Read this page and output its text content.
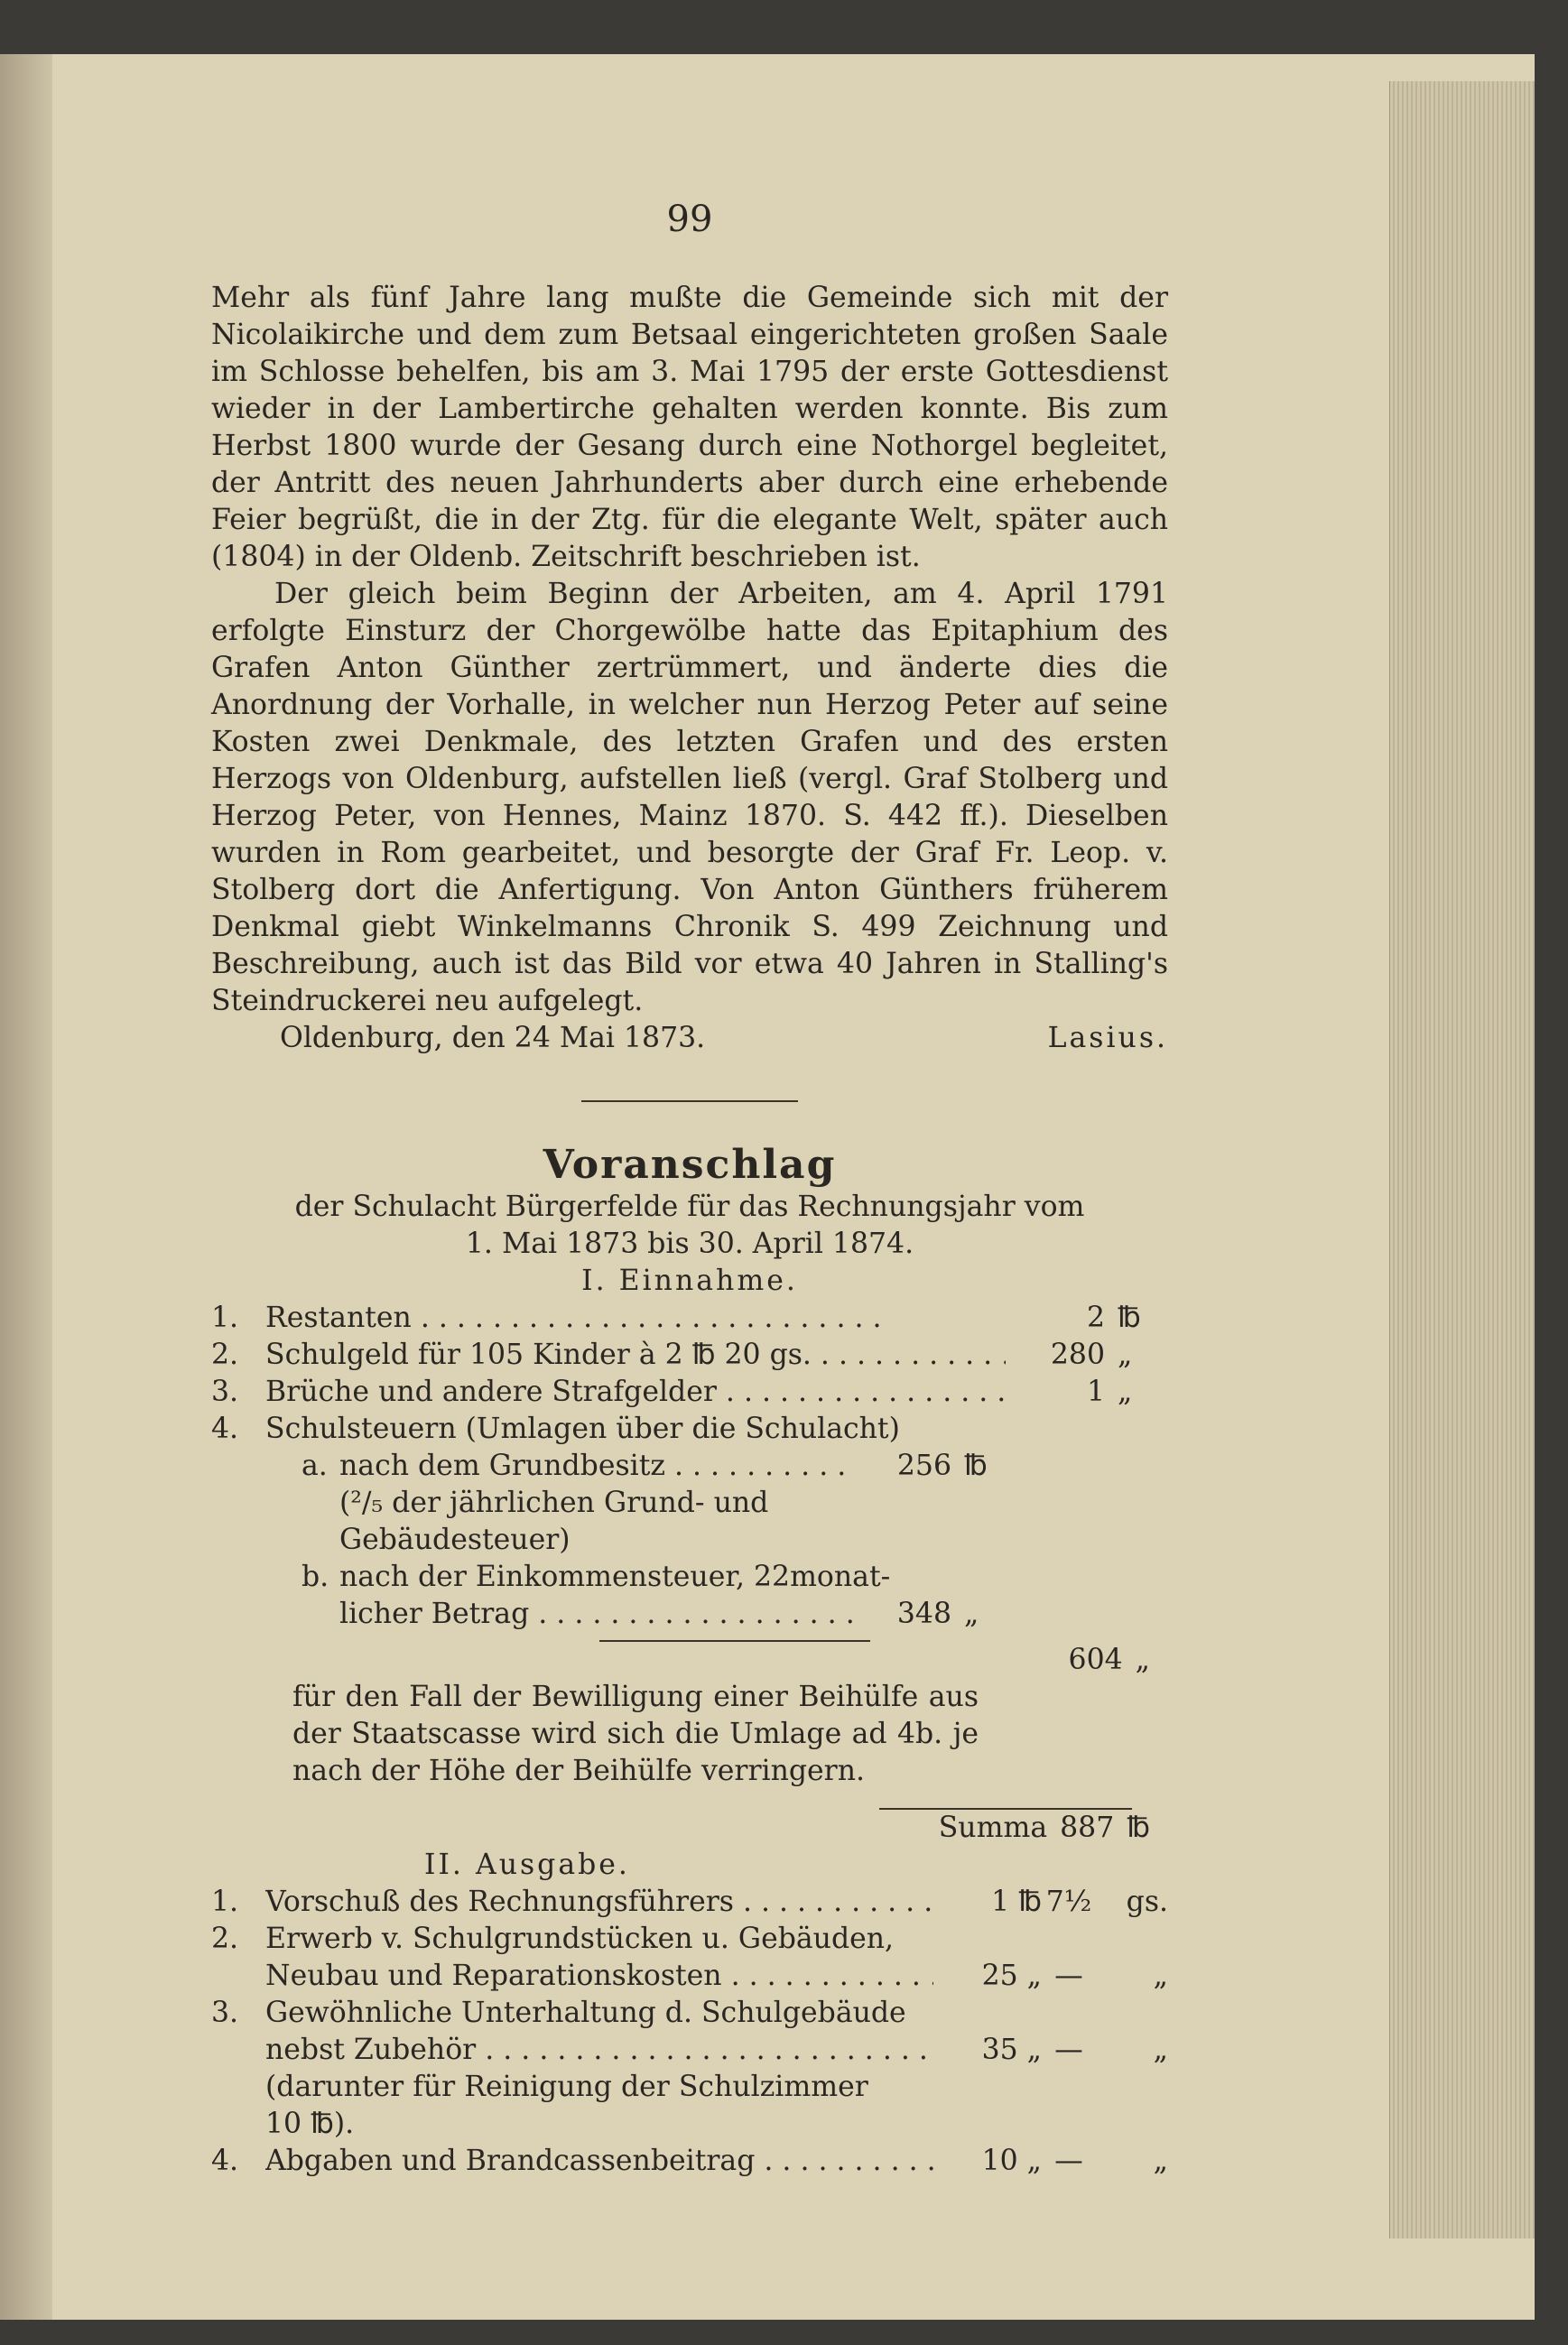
99

Mehr als fünf Jahre lang mußte die Gemeinde sich mit der Nicolaikirche und dem zum Betsaal eingerichteten großen Saale im Schlosse behelfen, bis am 3. Mai 1795 der erste Gottesdienst wieder in der Lambertirche gehalten werden konnte. Bis zum Herbst 1800 wurde der Gesang durch eine Nothorgel begleitet, der Antritt des neuen Jahrhunderts aber durch eine erhebende Feier begrüßt, die in der Ztg. für die elegante Welt, später auch (1804) in der Oldenb. Zeitschrift beschrieben ist.

Der gleich beim Beginn der Arbeiten, am 4. April 1791 erfolgte Einsturz der Chorgewölbe hatte das Epitaphium des Grafen Anton Günther zertrümmert, und änderte dies die Anordnung der Vorhalle, in welcher nun Herzog Peter auf seine Kosten zwei Denkmale, des letzten Grafen und des ersten Herzogs von Oldenburg, aufstellen ließ (vergl. Graf Stolberg und Herzog Peter, von Hennes, Mainz 1870. S. 442 ff.). Dieselben wurden in Rom gearbeitet, und besorgte der Graf Fr. Leop. v. Stolberg dort die Anfertigung. Von Anton Günthers früherem Denkmal giebt Winkelmanns Chronik S. 499 Zeichnung und Beschreibung, auch ist das Bild vor etwa 40 Jahren in Stalling's Steindruckerei neu aufgelegt.

Oldenburg, den 24 Mai 1873.	Lasius.
Voranschlag
der Schulacht Bürgerfelde für das Rechnungsjahr vom
1. Mai 1873 bis 30. April 1874.
I. Einnahme.
1. Restanten . . .	2 ℔
2. Schulgeld für 105 Kinder à 2 ℔ 20 gs. . . .	280 „
3. Brüche und andere Strafgelder . . .	1 „
4. Schulsteuern (Umlagen über die Schulacht)
a. nach dem Grundbesitz . . .	256 ℔
(²/₅ der jährlichen Grund- und Gebäudesteuer)
b. nach der Einkommensteuer, 22monat-
licher Betrag . . .	348 „
604 „
für den Fall der Bewilligung einer Beihülfe aus der Staatscasse wird sich die Umlage ad 4b. je nach der Höhe der Beihülfe verringern.
Summa 887 ℔
II. Ausgabe.
1. Vorschuß des Rechnungsführers . . .	1 ℔ 7½	gs.
2. Erwerb v. Schulgrundstücken u. Gebäuden,
Neubau und Reparationskosten . . .	25 „ —	„
3. Gewöhnliche Unterhaltung d. Schulgebäude
nebst Zubehör . . .	35 „ —	„
(darunter für Reinigung der Schulzimmer 10 ℔).
4. Abgaben und Brandcassenbeitrag . . .	10 „ —	„
